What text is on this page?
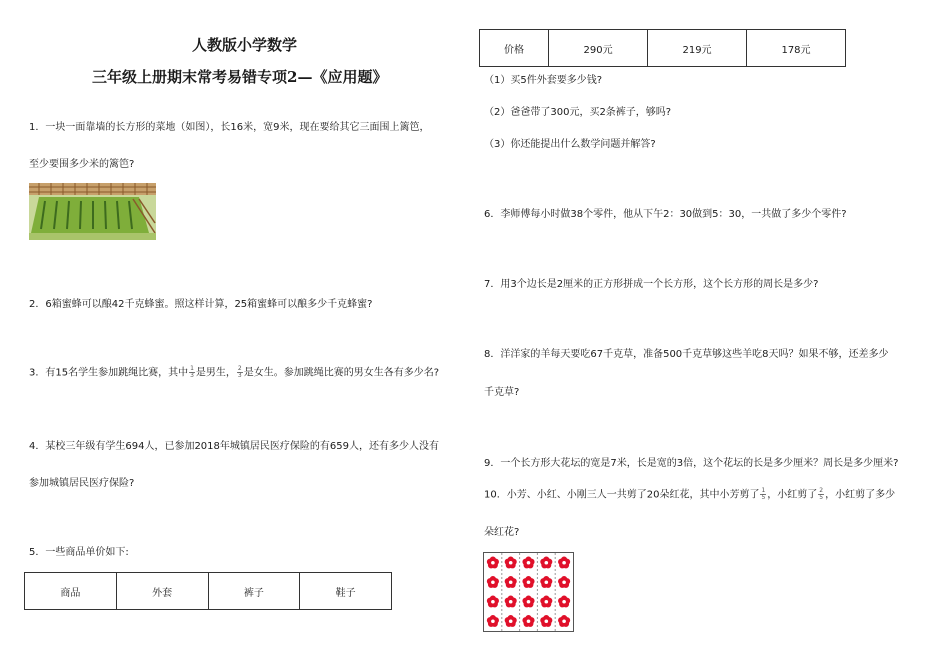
人教版小学数学
三年级上册期末常考易错专项2—《应用题》
1．一块一面靠墙的长方形的菜地（如图），长16米，宽9米，现在要给其它三面围上篱笆，
至少要围多少米的篱笆?
2．6箱蜜蜂可以酿42千克蜂蜜。照这样计算，25箱蜜蜂可以酿多少千克蜂蜜?
3．有15名学生参加跳绳比赛，其中 $\frac{1}{3}$ 是男生， $\frac{2}{3}$ 是女生。参加跳绳比赛的男女生各有多少名?
4．某校三年级有学生694人，已参加2018年城镇居民医疗保险的有659人，还有多少人没有
参加城镇居民医疗保险?
5．一些商品单价如下:
商品	外套	裤子	鞋子
价格	290元	219元	178元
（1）买5件外套要多少钱?
（2）爸爸带了300元，买2条裤子，够吗?
（3）你还能提出什么数学问题并解答?
6．李师傅每小时做38个零件，他从下午2：30做到5：30，一共做了多少个零件?
7．用3个边长是2厘米的正方形拼成一个长方形，这个长方形的周长是多少?
8．洋洋家的羊每天要吃67千克草，准备500千克草够这些羊吃8天吗？如果不够，还差多少
千克草?
9．一个长方形大花坛的宽是7米，长是宽的3倍，这个花坛的长是多少厘米？周长是多少厘米?
10．小芳、小红、小刚三人一共剪了20朵红花，其中小芳剪了 $\frac{1}{5}$ ，小红剪了 $\frac{2}{5}$ ，小红剪了多少
朵红花?
